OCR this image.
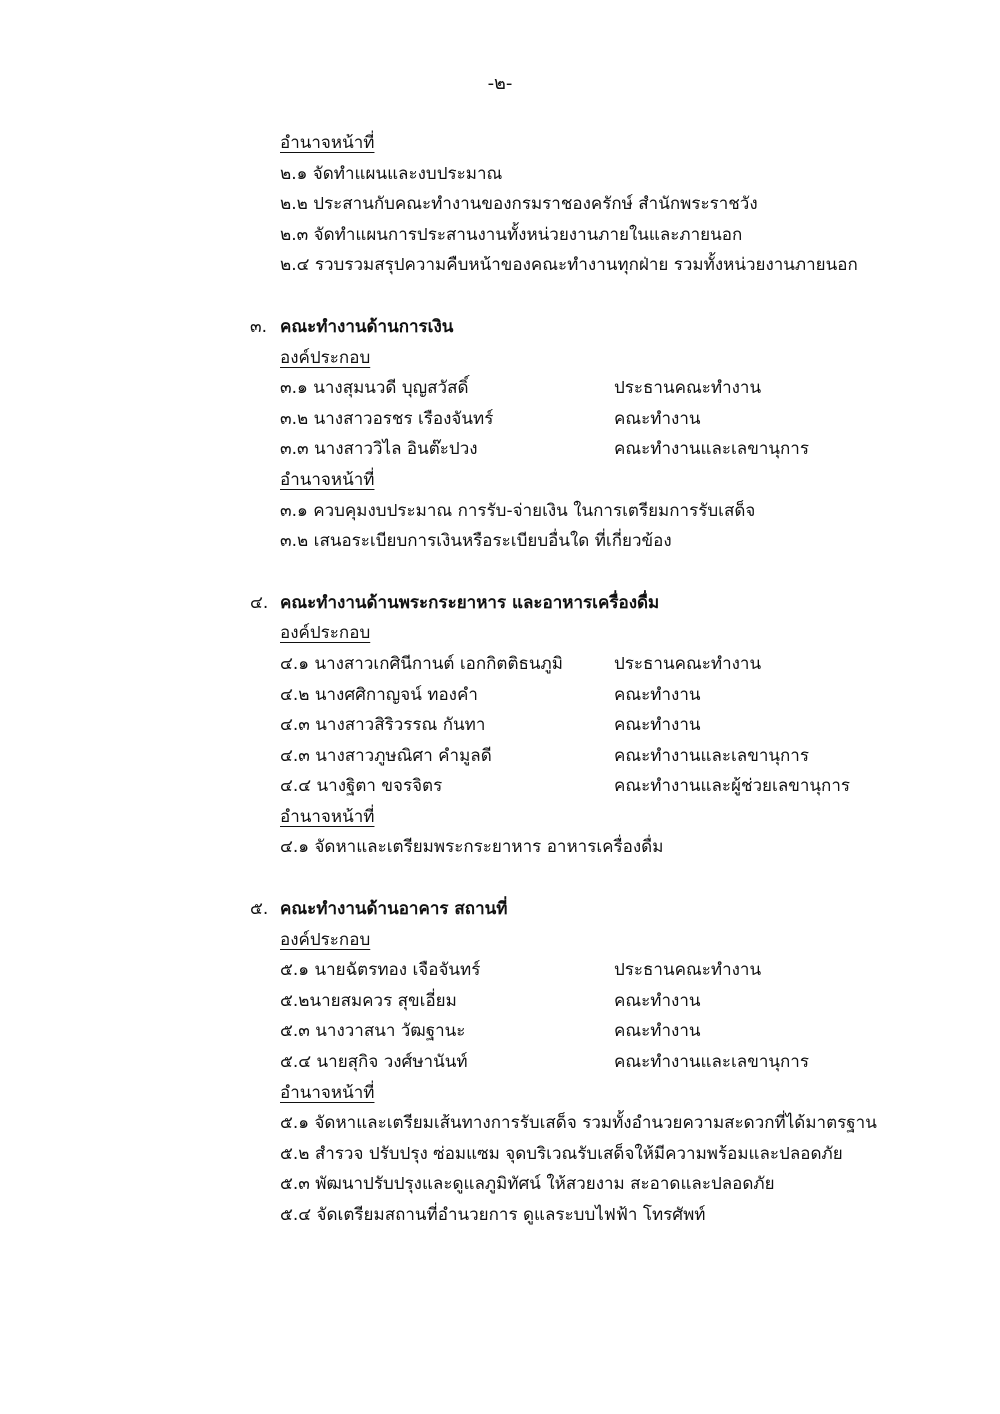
-๒-
อำนาจหน้าที่
๒.๑ จัดทำแผนและงบประมาณ
๒.๒ ประสานกับคณะทำงานของกรมราชองครักษ์ สำนักพระราชวัง
๒.๓ จัดทำแผนการประสานงานทั้งหน่วยงานภายในและภายนอก
๒.๔ รวบรวมสรุปความคืบหน้าของคณะทำงานทุกฝ่าย รวมทั้งหน่วยงานภายนอก
๓. คณะทำงานด้านการเงิน
องค์ประกอบ
๓.๑ นางสุมนวดี บุญสวัสดิ์	ประธานคณะทำงาน
๓.๒ นางสาวอรชร เรืองจันทร์	คณะทำงาน
๓.๓ นางสาววิไล อินต๊ะปวง	คณะทำงานและเลขานุการ
อำนาจหน้าที่
๓.๑ ควบคุมงบประมาณ การรับ-จ่ายเงิน ในการเตรียมการรับเสด็จ
๓.๒ เสนอระเบียบการเงินหรือระเบียบอื่นใด ที่เกี่ยวข้อง
๔. คณะทำงานด้านพระกระยาหาร และอาหารเครื่องดื่ม
องค์ประกอบ
๔.๑ นางสาวเกศินีกานต์ เอกกิตติธนภูมิ	ประธานคณะทำงาน
๔.๒ นางศศิกาญจน์ ทองคำ	คณะทำงาน
๔.๓ นางสาวสิริวรรณ กันทา	คณะทำงาน
๔.๓ นางสาวภูษณิศา คำมูลดี	คณะทำงานและเลขานุการ
๔.๔ นางฐิตา ขจรจิตร	คณะทำงานและผู้ช่วยเลขานุการ
อำนาจหน้าที่
๔.๑ จัดหาและเตรียมพระกระยาหาร อาหารเครื่องดื่ม
๕. คณะทำงานด้านอาคาร สถานที่
องค์ประกอบ
๕.๑ นายฉัตรทอง เจือจันทร์	ประธานคณะทำงาน
๕.๒นายสมควร สุขเอี่ยม	คณะทำงาน
๕.๓ นางวาสนา วัฒฐานะ	คณะทำงาน
๕.๔ นายสุกิจ วงศ์ษานันท์	คณะทำงานและเลขานุการ
อำนาจหน้าที่
๕.๑ จัดหาและเตรียมเส้นทางการรับเสด็จ รวมทั้งอำนวยความสะดวกที่ได้มาตรฐาน
๕.๒ สำรวจ ปรับปรุง ซ่อมแซม จุดบริเวณรับเสด็จให้มีความพร้อมและปลอดภัย
๕.๓ พัฒนาปรับปรุงและดูแลภูมิทัศน์ ให้สวยงาม สะอาดและปลอดภัย
๕.๔ จัดเตรียมสถานที่อำนวยการ ดูแลระบบไฟฟ้า โทรศัพท์
